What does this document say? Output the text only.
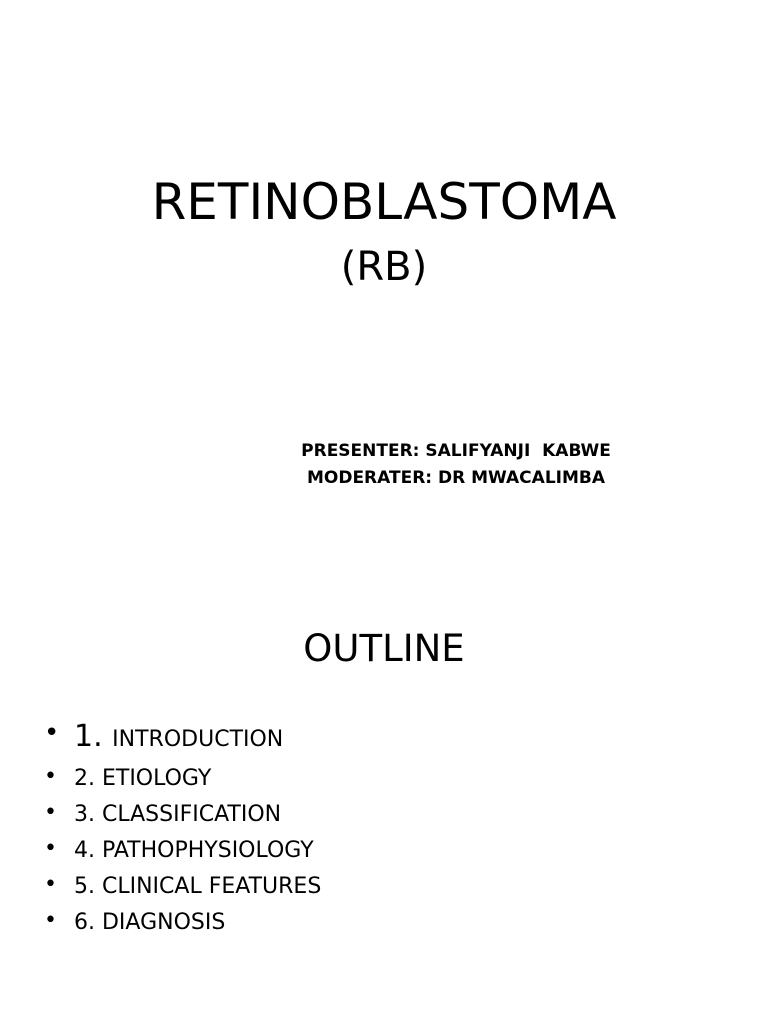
RETINOBLASTOMA
(RB)
PRESENTER: SALIFYANJI  KABWE
MODERATER: DR MWACALIMBA
OUTLINE
• 1. INTRODUCTION
• 2. ETIOLOGY
• 3. CLASSIFICATION
• 4. PATHOPHYSIOLOGY
• 5. CLINICAL FEATURES
• 6. DIAGNOSIS
